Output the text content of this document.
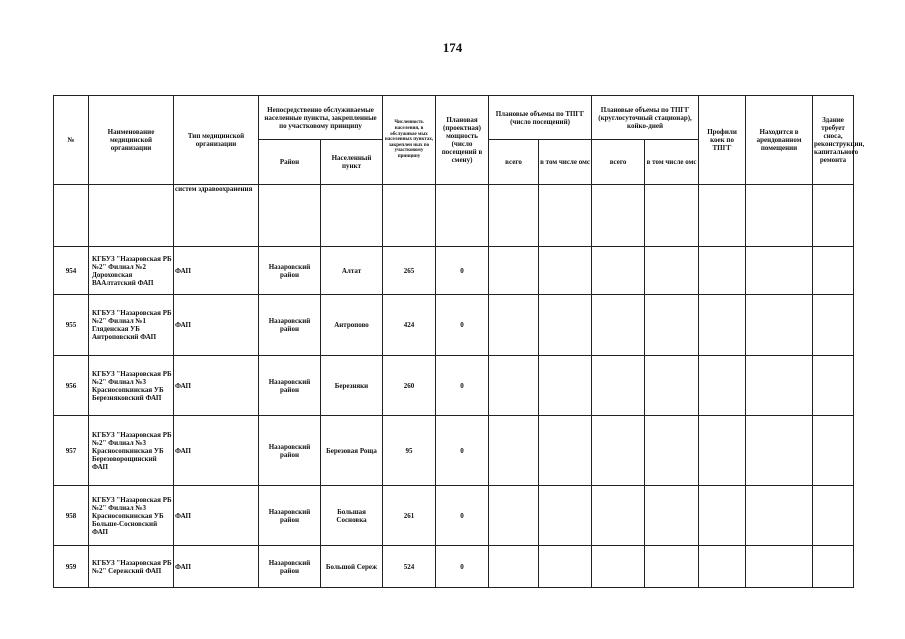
174
№	Наименование медицинской организации	Тип медицинской организации	Непосредственно обслуживаемые населенные пункты, закрепленные по участковому принципу		Численность населения, в обслуживае мых населенных пунктах, закреплен ных по участковому принципу	Плановая (проектная) мощность (число посещений в смену)	Плановые объемы по ТПГГ (число посещений)		Плановые объемы по ТПГГ (круглосуточный стационар), койко-дней		Профили коек по ТПГГ	Находится в арендованном помещении	Здание требует сноса, реконструкции, капитального ремонта
			Район	Населенный пункт			всего	в том числе омс	всего	в том числе омс			
		систем здравоохранения											
954	КГБУЗ "Назаровская РБ №2" Филиал №2 Дороховская ВААлтатский ФАП	ФАП	Назаровский район	Алтат	265	0							
955	КГБУЗ "Назаровская РБ №2" Филиал №1 Гляденская УБ Антроповский ФАП	ФАП	Назаровский район	Антропово	424	0							
956	КГБУЗ "Назаровская РБ №2" Филиал №3 Красносопкинская УБ Березняковский ФАП	ФАП	Назаровский район	Березняки	260	0							
957	КГБУЗ "Назаровская РБ №2" Филиал №3 Красносопкинская УБ Березоворощинский ФАП	ФАП	Назаровский район	Березовая Роща	95	0							
958	КГБУЗ "Назаровская РБ №2" Филиал №3 Красносопкинская УБ Больше-Сосновский ФАП	ФАП	Назаровский район	Большая Сосновка	261	0							
959	КГБУЗ "Назаровская РБ №2" Сережский ФАП	ФАП	Назаровский район	Большой Сереж	524	0							
